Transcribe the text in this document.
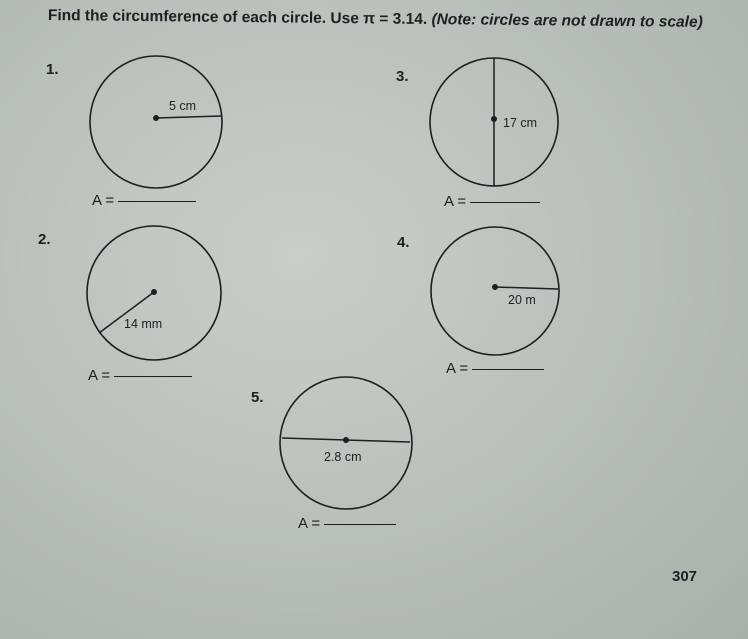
Find the circumference of each circle. Use π = 3.14. (Note: circles are not drawn to scale)
1.
2.
3.
4.
5.
5 cm
14 mm
17 cm
20 m
2.8 cm
A =	A =
A =	A =
A =
307
